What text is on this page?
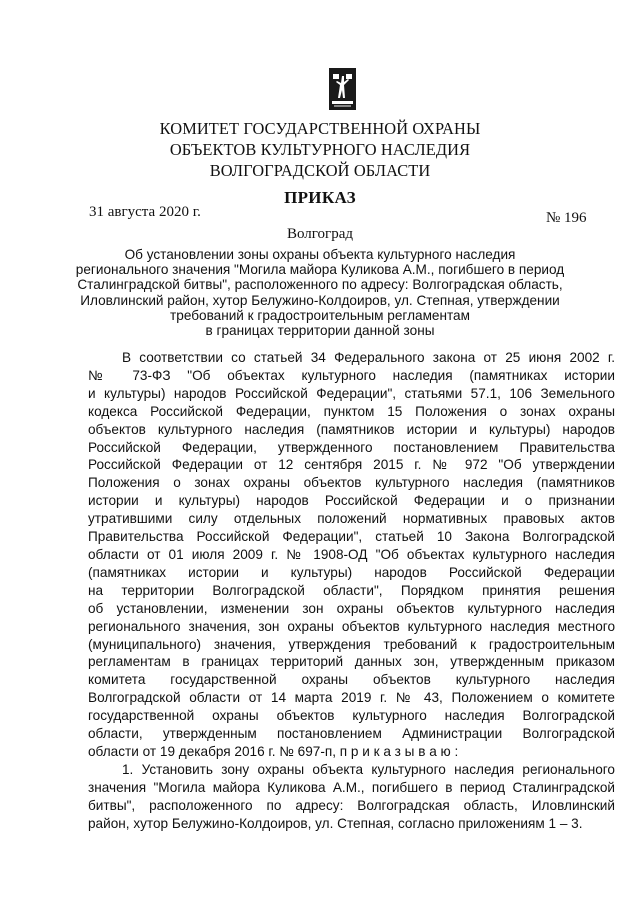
КОМИТЕТ ГОСУДАРСТВЕННОЙ ОХРАНЫ
ОБЪЕКТОВ КУЛЬТУРНОГО НАСЛЕДИЯ
ВОЛГОГРАДСКОЙ ОБЛАСТИ
ПРИКАЗ
31 августа 2020 г.	№ 196
Волгоград
Об установлении зоны охраны объекта культурного наследия
регионального значения "Могила майора Куликова А.М., погибшего в период
Сталинградской битвы", расположенного по адресу: Волгоградская область,
Иловлинский район, хутор Белужино-Колдоиров, ул. Степная, утверждении
требований к градостроительным регламентам
в границах территории данной зоны
В соответствии со статьей 34 Федерального закона от 25 июня 2002 г.
№ 73-ФЗ "Об объектах культурного наследия (памятниках истории
и культуры) народов Российской Федерации", статьями 57.1, 106 Земельного
кодекса Российской Федерации, пунктом 15 Положения о зонах охраны
объектов культурного наследия (памятников истории и культуры) народов
Российской Федерации, утвержденного постановлением Правительства
Российской Федерации от 12 сентября 2015 г. № 972 "Об утверждении
Положения о зонах охраны объектов культурного наследия (памятников
истории и культуры) народов Российской Федерации и о признании
утратившими силу отдельных положений нормативных правовых актов
Правительства Российской Федерации", статьей 10 Закона Волгоградской
области от 01 июля 2009 г. № 1908-ОД "Об объектах культурного наследия
(памятниках истории и культуры) народов Российской Федерации
на территории Волгоградской области", Порядком принятия решения
об установлении, изменении зон охраны объектов культурного наследия
регионального значения, зон охраны объектов культурного наследия местного
(муниципального) значения, утверждения требований к градостроительным
регламентам в границах территорий данных зон, утвержденным приказом
комитета государственной охраны объектов культурного наследия
Волгоградской области от 14 марта 2019 г. № 43, Положением о комитете
государственной охраны объектов культурного наследия Волгоградской
области, утвержденным постановлением Администрации Волгоградской
области от 19 декабря 2016 г. № 697-п, п р и к а з ы в а ю :
1. Установить зону охраны объекта культурного наследия регионального
значения "Могила майора Куликова А.М., погибшего в период Сталинградской
битвы", расположенного по адресу: Волгоградская область, Иловлинский
район, хутор Белужино-Колдоиров, ул. Степная, согласно приложениям 1 – 3.
